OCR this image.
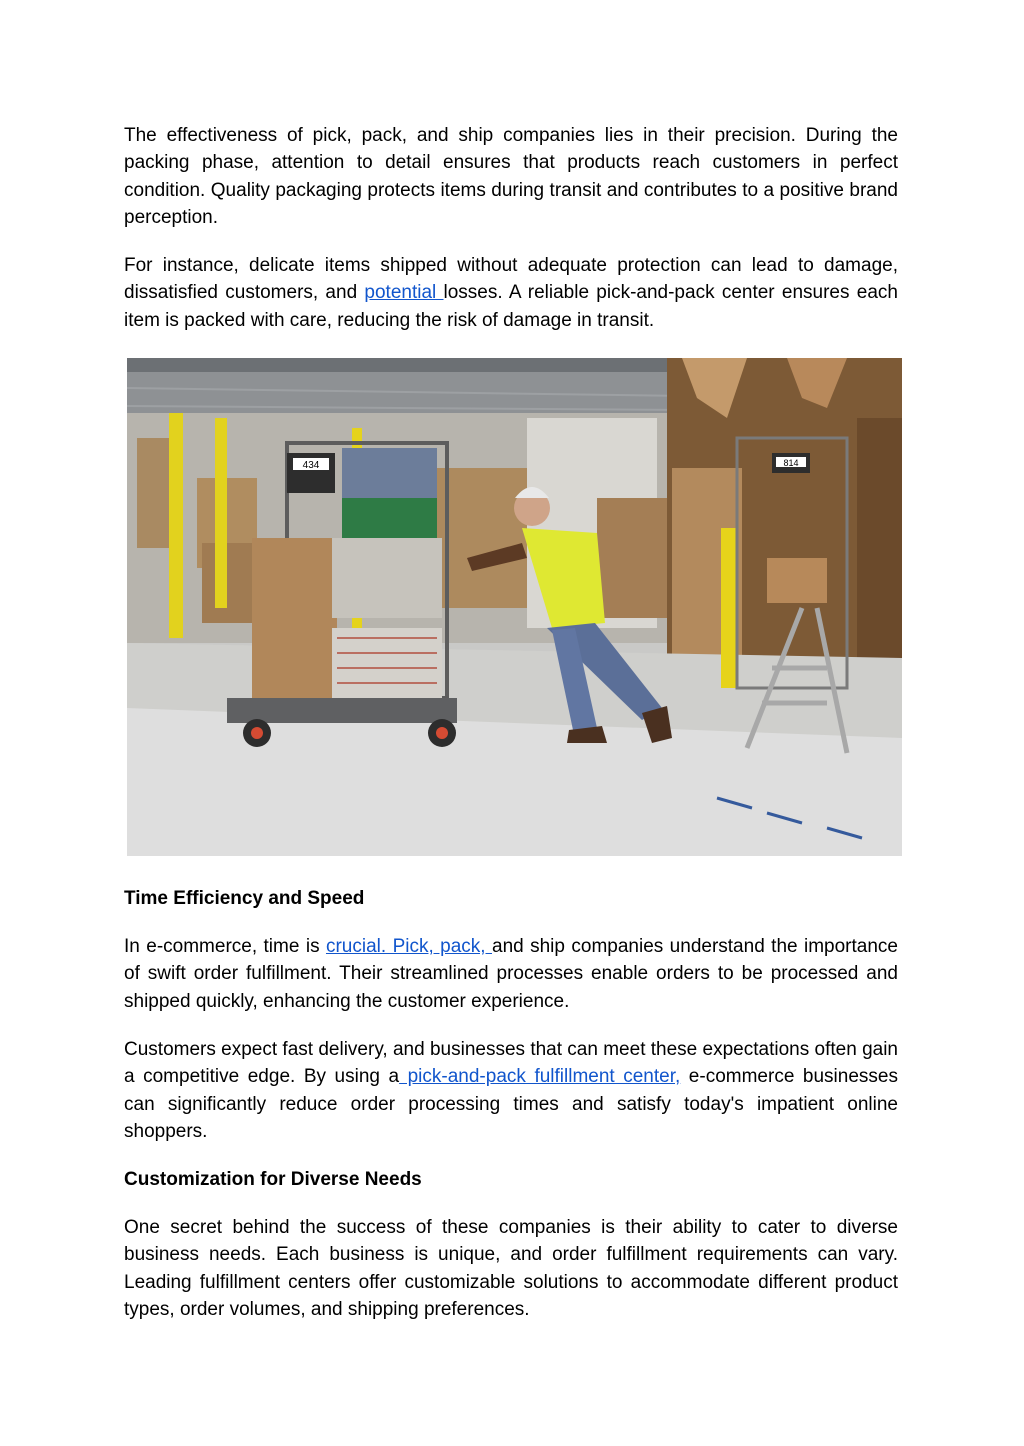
The effectiveness of pick, pack, and ship companies lies in their precision. During the packing phase, attention to detail ensures that products reach customers in perfect condition. Quality packaging protects items during transit and contributes to a positive brand perception.

For instance, delicate items shipped without adequate protection can lead to damage, dissatisfied customers, and potential losses. A reliable pick-and-pack center ensures each item is packed with care, reducing the risk of damage in transit.

Time Efficiency and Speed

In e-commerce, time is crucial. Pick, pack, and ship companies understand the importance of swift order fulfillment. Their streamlined processes enable orders to be processed and shipped quickly, enhancing the customer experience.

Customers expect fast delivery, and businesses that can meet these expectations often gain a competitive edge. By using a pick-and-pack fulfillment center, e-commerce businesses can significantly reduce order processing times and satisfy today's impatient online shoppers.

Customization for Diverse Needs

One secret behind the success of these companies is their ability to cater to diverse business needs. Each business is unique, and order fulfillment requirements can vary. Leading fulfillment centers offer customizable solutions to accommodate different product types, order volumes, and shipping preferences.

434	814
